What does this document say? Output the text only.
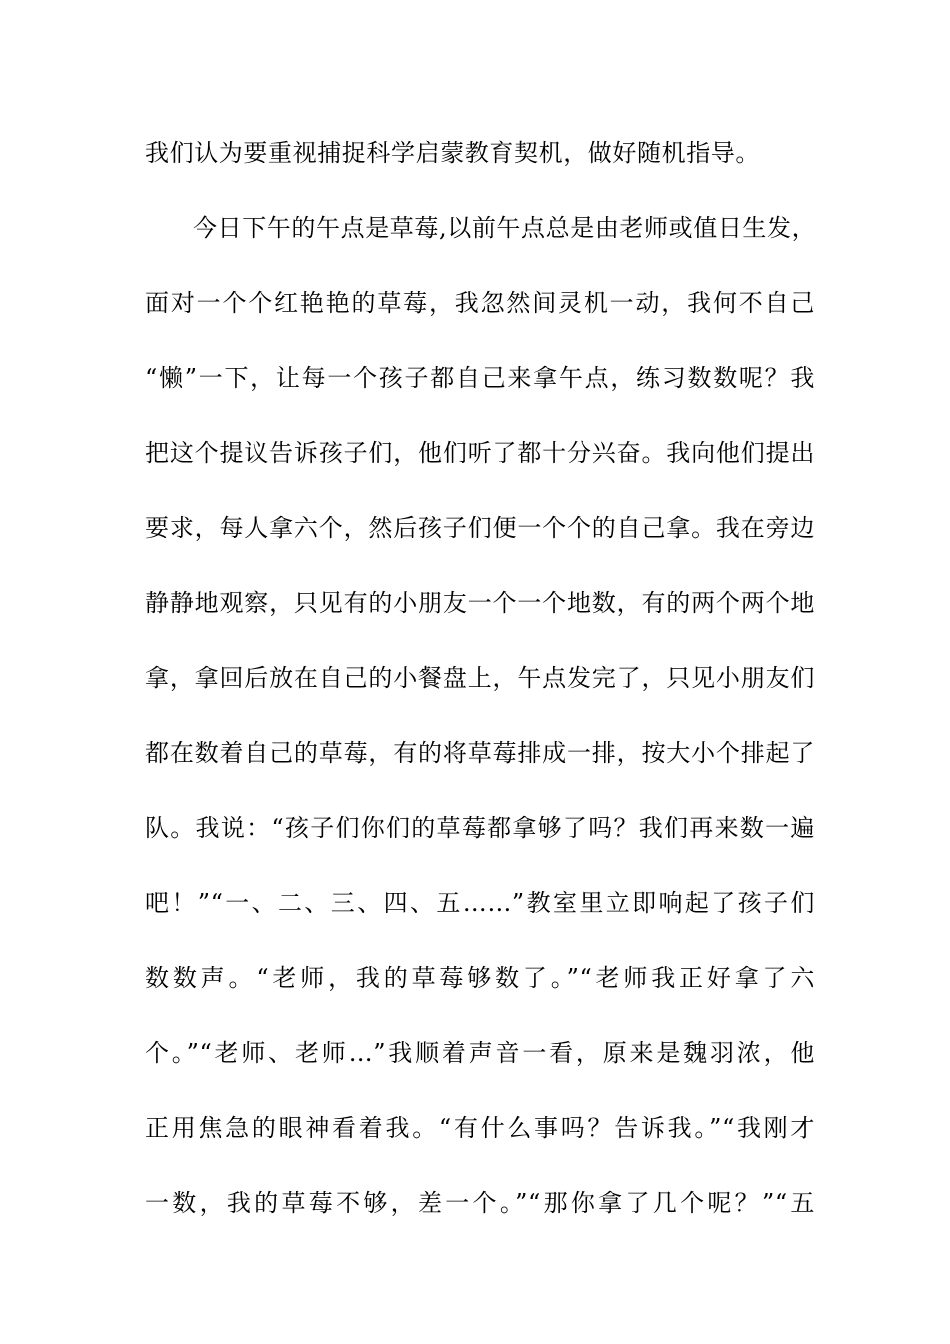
我们认为要重视捕捉科学启蒙教育契机，做好随机指导。
今日下午的午点是草莓,以前午点总是由老师或值日生发，
面对一个个红艳艳的草莓，我忽然间灵机一动，我何不自己
“懒”一下，让每一个孩子都自己来拿午点，练习数数呢？我
把这个提议告诉孩子们，他们听了都十分兴奋。我向他们提出
要求，每人拿六个，然后孩子们便一个个的自己拿。我在旁边
静静地观察，只见有的小朋友一个一个地数，有的两个两个地
拿，拿回后放在自己的小餐盘上，午点发完了，只见小朋友们
都在数着自己的草莓，有的将草莓排成一排，按大小个排起了
队。我说：“孩子们你们的草莓都拿够了吗？我们再来数一遍
吧！”“一、二、三、四、五……”教室里立即响起了孩子们
数数声。“老师，我的草莓够数了。”“老师我正好拿了六
个。”“老师、老师…”我顺着声音一看，原来是魏羽浓，他
正用焦急的眼神看着我。“有什么事吗？告诉我。”“我刚才
一数，我的草莓不够，差一个。”“那你拿了几个呢？”“五
